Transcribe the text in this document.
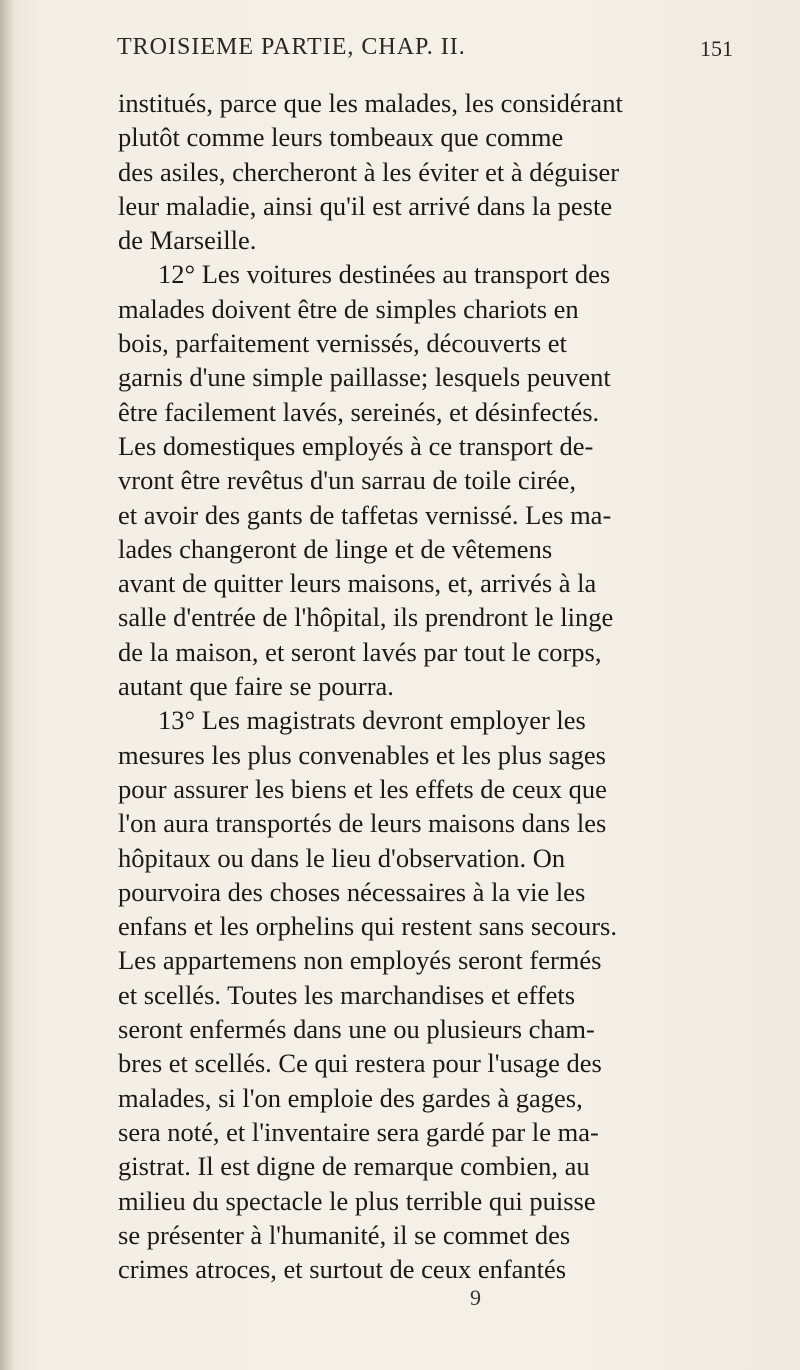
TROISIEME PARTIE, CHAP. II.	151
institués, parce que les malades, les considérant
plutôt comme leurs tombeaux que comme
des asiles, chercheront à les éviter et à déguiser
leur maladie, ainsi qu'il est arrivé dans la peste
de Marseille.
12° Les voitures destinées au transport des
malades doivent être de simples chariots en
bois, parfaitement vernissés, découverts et
garnis d'une simple paillasse; lesquels peuvent
être facilement lavés, sereinés, et désinfectés.
Les domestiques employés à ce transport de-
vront être revêtus d'un sarrau de toile cirée,
et avoir des gants de taffetas vernissé. Les ma-
lades changeront de linge et de vêtemens
avant de quitter leurs maisons, et, arrivés à la
salle d'entrée de l'hôpital, ils prendront le linge
de la maison, et seront lavés par tout le corps,
autant que faire se pourra.
13° Les magistrats devront employer les
mesures les plus convenables et les plus sages
pour assurer les biens et les effets de ceux que
l'on aura transportés de leurs maisons dans les
hôpitaux ou dans le lieu d'observation. On
pourvoira des choses nécessaires à la vie les
enfans et les orphelins qui restent sans secours.
Les appartemens non employés seront fermés
et scellés. Toutes les marchandises et effets
seront enfermés dans une ou plusieurs cham-
bres et scellés. Ce qui restera pour l'usage des
malades, si l'on emploie des gardes à gages,
sera noté, et l'inventaire sera gardé par le ma-
gistrat. Il est digne de remarque combien, au
milieu du spectacle le plus terrible qui puisse
se présenter à l'humanité, il se commet des
crimes atroces, et surtout de ceux enfantés
9
